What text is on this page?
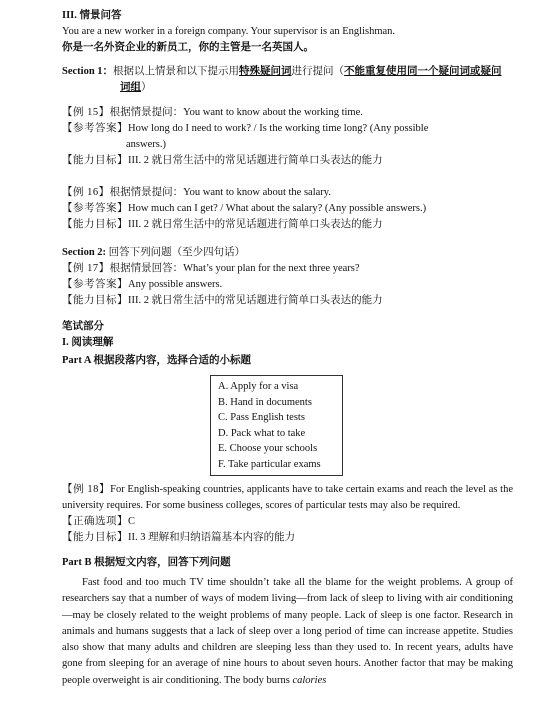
III. 情景问答
You are a new worker in a foreign company. Your supervisor is an Englishman.
你是一名外资企业的新员工，你的主管是一名英国人。
Section 1：根据以上情景和以下提示用特殊疑问词进行提问（不能重复使用同一个疑问词或疑问
词组）
【例 15】根据情景提问：You want to know about the working time.
【参考答案】How long do I need to work? / Is the working time long? (Any possible
answers.)
【能力目标】III. 2 就日常生活中的常见话题进行简单口头表达的能力
【例 16】根据情景提问：You want to know about the salary.
【参考答案】How much can I get? / What about the salary? (Any possible answers.)
【能力目标】III. 2 就日常生活中的常见话题进行简单口头表达的能力
Section 2: 回答下列问题（至少四句话）
【例 17】根据情景回答：What’s your plan for the next three years?
【参考答案】Any possible answers.
【能力目标】III. 2 就日常生活中的常见话题进行简单口头表达的能力
笔试部分
I. 阅读理解
Part A 根据段落内容，选择合适的小标题
A. Apply for a visa
B. Hand in documents
C. Pass English tests
D. Pack what to take
E. Choose your schools
F. Take particular exams
【例 18】For English-speaking countries, applicants have to take certain exams and reach the level as the university requires. For some business colleges, scores of particular tests may also be required.
【正确选项】C
【能力目标】II. 3 理解和归纳语篇基本内容的能力
Part B 根据短文内容，回答下列问题
Fast food and too much TV time shouldn’t take all the blame for the weight problems. A group of researchers say that a number of ways of modem living—from lack of sleep to living with air conditioning—may be closely related to the weight problems of many people. Lack of sleep is one factor. Research in animals and humans suggests that a lack of sleep over a long period of time can increase appetite. Studies also show that many adults and children are sleeping less than they used to. In recent years, adults have gone from sleeping for an average of nine hours to about seven hours. Another factor that may be making people overweight is air conditioning. The body burns calories
